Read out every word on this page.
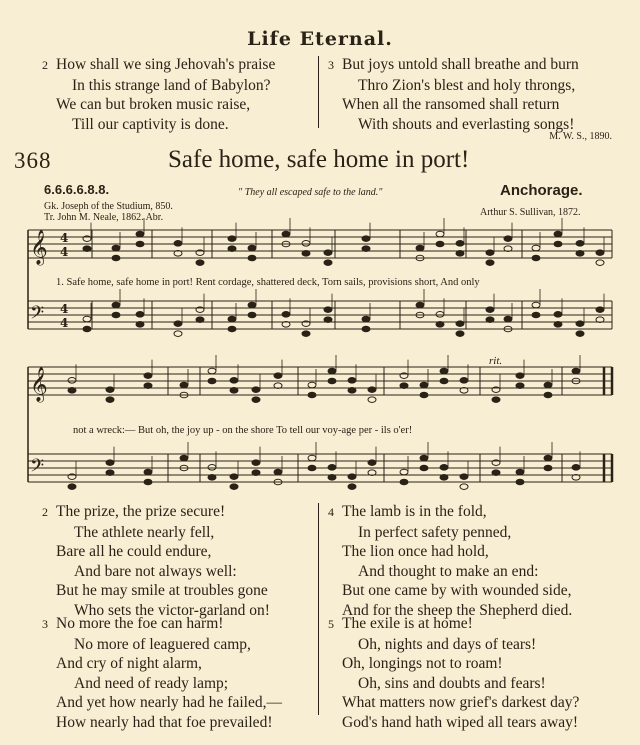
Life Eternal.
2 How shall we sing Jehovah's praise
In this strange land of Babylon?
We can but broken music raise,
Till our captivity is done.
3 But joys untold shall breathe and burn
Thro Zion's blest and holy throngs,
When all the ransomed shall return
With shouts and everlasting songs!
M. W. S., 1890.
368	Safe home, safe home in port!
6.6.6.6.8.8.	" They all escaped safe to the land."	Anchorage.
Gk. Joseph of the Studium, 850.
Tr. John M. Neale, 1862. Abr.	Arthur S. Sullivan, 1872.
𝄞
𝄢
𝄞
𝄢
4
4
4
4
1. Safe home, safe home in port! Rent cordage, shattered deck, Torn sails, provisions short, And only
not a wreck:— But oh, the joy up - on the shore To tell our voy-age per - ils o'er!
rit.
2 The prize, the prize secure!
The athlete nearly fell,
Bare all he could endure,
And bare not always well:
But he may smile at troubles gone
Who sets the victor-garland on!
4 The lamb is in the fold,
In perfect safety penned,
The lion once had hold,
And thought to make an end:
But one came by with wounded side,
And for the sheep the Shepherd died.
3 No more the foe can harm!
No more of leaguered camp,
And cry of night alarm,
And need of ready lamp;
And yet how nearly had he failed,—
How nearly had that foe prevailed!
5 The exile is at home!
Oh, nights and days of tears!
Oh, longings not to roam!
Oh, sins and doubts and fears!
What matters now grief's darkest day?
God's hand hath wiped all tears away!
